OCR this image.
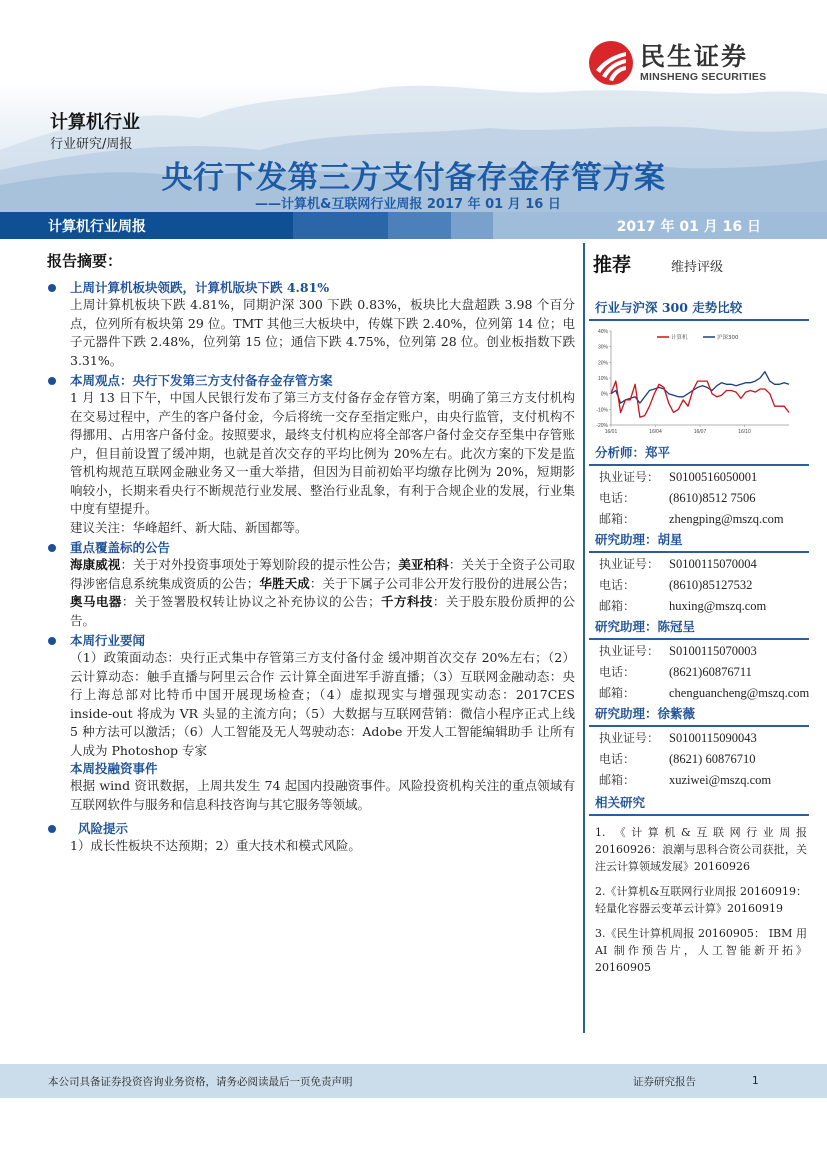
民生证券
MINSHENG SECURITIES
计算机行业
行业研究/周报
央行下发第三方支付备存金存管方案
——计算机&互联网行业周报 2017 年 01 月 16 日
计算机行业周报	2017 年 01 月 16 日
报告摘要：
上周计算机板块领跌，计算机版块下跌 4.81%
上周计算机板块下跌 4.81%，同期沪深 300 下跌 0.83%，板块比大盘超跌 3.98 个百分点，位列所有板块第 29 位。TMT 其他三大板块中，传媒下跌 2.40%，位列第 14 位；电子元器件下跌 2.48%，位列第 15 位；通信下跌 4.75%，位列第 28 位。创业板指数下跌 3.31%。
本周观点：央行下发第三方支付备存金存管方案
1 月 13 日下午，中国人民银行发布了第三方支付备存金存管方案，明确了第三方支付机构在交易过程中，产生的客户备付金，今后将统一交存至指定账户，由央行监管，支付机构不得挪用、占用客户备付金。按照要求，最终支付机构应将全部客户备付金交存至集中存管账户，但目前设置了缓冲期，也就是首次交存的平均比例为 20%左右。此次方案的下发是监管机构规范互联网金融业务又一重大举措，但因为目前初始平均缴存比例为 20%，短期影响较小，长期来看央行不断规范行业发展、整治行业乱象，有利于合规企业的发展，行业集中度有望提升。
建议关注：华峰超纤、新大陆、新国都等。
重点覆盖标的公告
海康威视：关于对外投资事项处于筹划阶段的提示性公告；美亚柏科：关关于全资子公司取得涉密信息系统集成资质的公告；华胜天成：关于下属子公司非公开发行股份的进展公告；奥马电器：关于签署股权转让协议之补充协议的公告；千方科技：关于股东股份质押的公告。
本周行业要闻
（1）政策面动态：央行正式集中存管第三方支付备付金 缓冲期首次交存 20%左右；（2）云计算动态：触手直播与阿里云合作 云计算全面进军手游直播；（3）互联网金融动态：央行上海总部对比特币中国开展现场检查；（4）虚拟现实与增强现实动态：2017CES inside-out 将成为 VR 头显的主流方向；（5）大数据与互联网营销：微信小程序正式上线 5 种方法可以激活；（6）人工智能及无人驾驶动态：Adobe 开发人工智能编辑助手 让所有人成为 Photoshop 专家
本周投融资事件
根据 wind 资讯数据，上周共发生 74 起国内投融资事件。风险投资机构关注的重点领域有互联网软件与服务和信息科技咨询与其它服务等领域。
风险提示
1）成长性板块不达预期；2）重大技术和模式风险。
推荐	维持评级
行业与沪深 300 走势比较
40%
30%
20%
10%
0%
-10%
-20%
16/01	16/04	16/07	16/10
计算机	沪深300
分析师：郑平
执业证号： S0100516050001
电话：	(8610)8512 7506
邮箱：	zhengping@mszq.com
研究助理：胡星
执业证号： S0100115070004
电话：	(8610)85127532
邮箱：	huxing@mszq.com
研究助理：陈冠呈
执业证号： S0100115070003
电话：	(8621)60876711
邮箱：	chenguancheng@mszq.com
研究助理：徐紫薇
执业证号： S0100115090043
电话：	(8621) 60876710
邮箱：	xuziwei@mszq.com
相关研究
1. 《计算机&互联网行业周报 20160926：浪潮与思科合资公司获批，关注云计算领域发展》20160926
2.《计算机&互联网行业周报 20160919：轻量化容器云变革云计算》20160919
3.《民生计算机周报 20160905： IBM 用 AI 制作预告片，人工智能新开拓》20160905
本公司具备证券投资咨询业务资格，请务必阅读最后一页免责声明	证券研究报告	1
